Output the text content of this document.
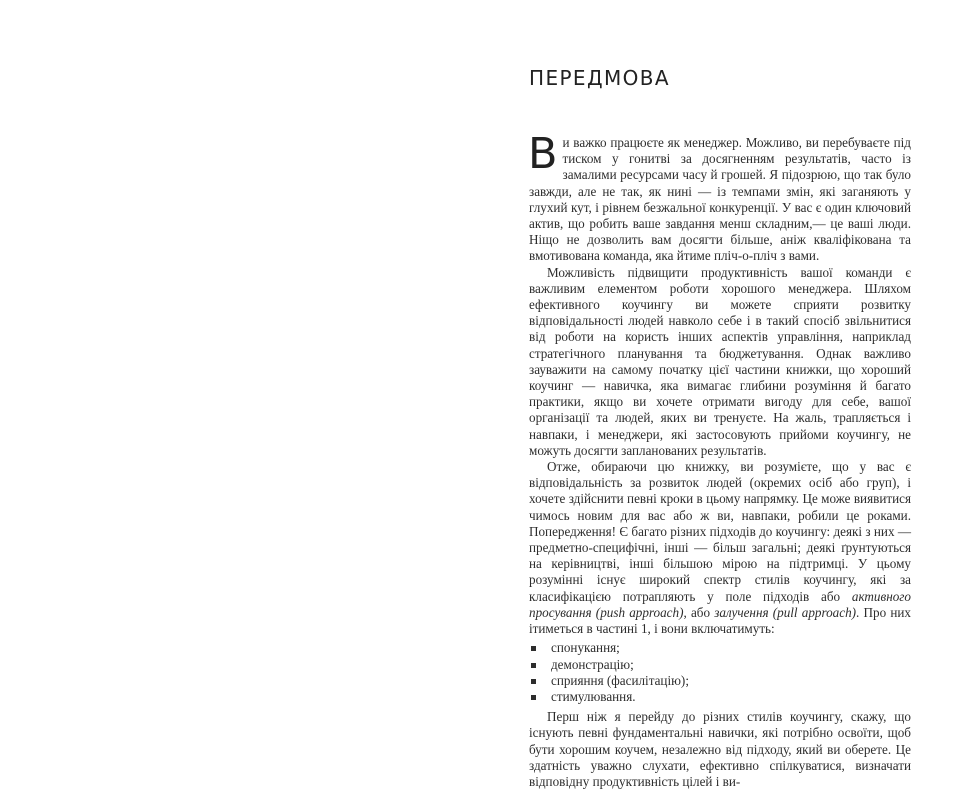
ПЕРЕДМОВА

Ви важко працюєте як менеджер. Можливо, ви перебуваєте під тиском у гонитві за досягненням результатів, часто із замалими ресурсами часу й грошей. Я підозрюю, що так було завжди, але не так, як нині — із темпами змін, які заганяють у глухий кут, і рівнем безжальної конкуренції. У вас є один ключовий актив, що робить ваше завдання менш складним,— це ваші люди. Ніщо не дозволить вам досягти більше, аніж кваліфікована та вмотивована команда, яка йтиме пліч-о-пліч з вами.

Можливість підвищити продуктивність вашої команди є важливим елементом роботи хорошого менеджера. Шляхом ефективного коучингу ви можете сприяти розвитку відповідальності людей навколо себе і в такий спосіб звільнитися від роботи на користь інших аспектів управління, наприклад стратегічного планування та бюджетування. Однак важливо зауважити на самому початку цієї частини книжки, що хороший коучинг — навичка, яка вимагає глибини розуміння й багато практики, якщо ви хочете отримати вигоду для себе, вашої організації та людей, яких ви тренуєте. На жаль, трапляється і навпаки, і менеджери, які застосовують прийоми коучингу, не можуть досягти запланованих результатів.

Отже, обираючи цю книжку, ви розумієте, що у вас є відповідальність за розвиток людей (окремих осіб або груп), і хочете здійснити певні кроки в цьому напрямку. Це може виявитися чимось новим для вас або ж ви, навпаки, робили це роками. Попередження! Є багато різних підходів до коучингу: деякі з них — предметно-специфічні, інші — більш загальні; деякі ґрунтуються на керівництві, інші більшою мірою на підтримці. У цьому розумінні існує широкий спектр стилів коучингу, які за класифікацією потрапляють у поле підходів або активного просування (push approach), або залучення (pull approach). Про них ітиметься в частині 1, і вони включатимуть:

спонукання;
демонстрацію;
сприяння (фасилітацію);
стимулювання.

Перш ніж я перейду до різних стилів коучингу, скажу, що існують певні фундаментальні навички, які потрібно освоїти, щоб бути хорошим коучем, незалежно від підходу, який ви оберете. Це здатність уважно слухати, ефективно спілкуватися, визначати відповідну продуктивність цілей і ви-
